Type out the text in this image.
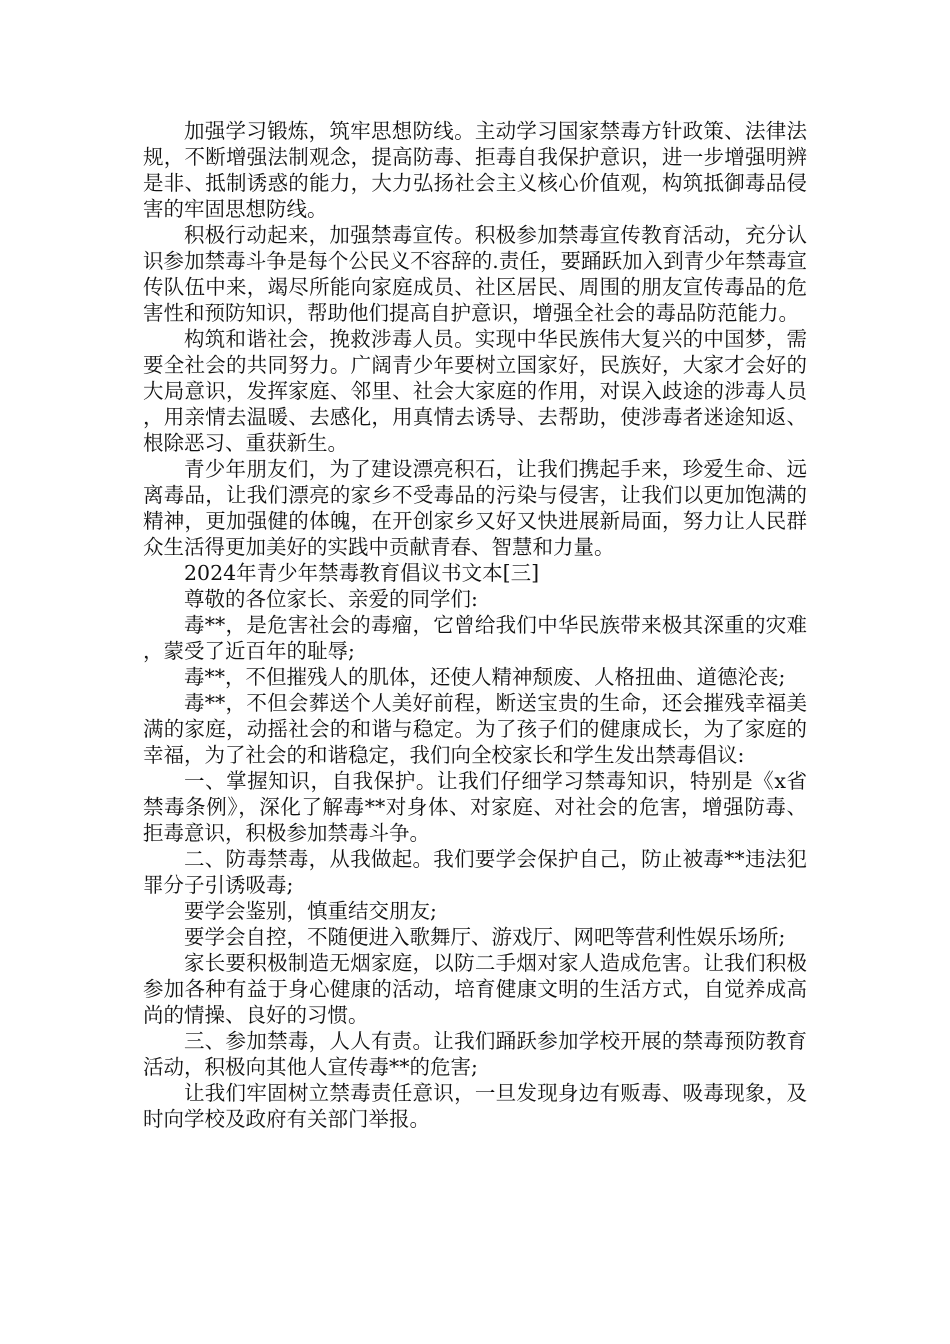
加强学习锻炼，筑牢思想防线。主动学习国家禁毒方针政策、法律法规，不断增强法制观念，提高防毒、拒毒自我保护意识，进一步增强明辨是非、抵制诱惑的能力，大力弘扬社会主义核心价值观，构筑抵御毒品侵害的牢固思想防线。

积极行动起来，加强禁毒宣传。积极参加禁毒宣传教育活动，充分认识参加禁毒斗争是每个公民义不容辞的.责任，要踊跃加入到青少年禁毒宣传队伍中来，竭尽所能向家庭成员、社区居民、周围的朋友宣传毒品的危害性和预防知识，帮助他们提高自护意识，增强全社会的毒品防范能力。

构筑和谐社会，挽救涉毒人员。实现中华民族伟大复兴的中国梦，需要全社会的共同努力。广阔青少年要树立国家好，民族好，大家才会好的大局意识，发挥家庭、邻里、社会大家庭的作用，对误入歧途的涉毒人员，用亲情去温暖、去感化，用真情去诱导、去帮助，使涉毒者迷途知返、根除恶习、重获新生。

青少年朋友们，为了建设漂亮积石，让我们携起手来，珍爱生命、远离毒品，让我们漂亮的家乡不受毒品的污染与侵害，让我们以更加饱满的精神，更加强健的体魄，在开创家乡又好又快进展新局面，努力让人民群众生活得更加美好的实践中贡献青春、智慧和力量。

2024年青少年禁毒教育倡议书文本[三]

尊敬的各位家长、亲爱的同学们:

毒**，是危害社会的毒瘤，它曾给我们中华民族带来极其深重的灾难，蒙受了近百年的耻辱;

毒**，不但摧残人的肌体，还使人精神颓废、人格扭曲、道德沦丧;

毒**，不但会葬送个人美好前程，断送宝贵的生命，还会摧残幸福美满的家庭，动摇社会的和谐与稳定。为了孩子们的健康成长，为了家庭的幸福，为了社会的和谐稳定，我们向全校家长和学生发出禁毒倡议:

一、掌握知识，自我保护。让我们仔细学习禁毒知识，特别是《x省禁毒条例》，深化了解毒**对身体、对家庭、对社会的危害，增强防毒、拒毒意识，积极参加禁毒斗争。

二、防毒禁毒，从我做起。我们要学会保护自己，防止被毒**违法犯罪分子引诱吸毒;

要学会鉴别，慎重结交朋友;

要学会自控，不随便进入歌舞厅、游戏厅、网吧等营利性娱乐场所;

家长要积极制造无烟家庭，以防二手烟对家人造成危害。让我们积极参加各种有益于身心健康的活动，培育健康文明的生活方式，自觉养成高尚的情操、良好的习惯。

三、参加禁毒，人人有责。让我们踊跃参加学校开展的禁毒预防教育活动，积极向其他人宣传毒**的危害;

让我们牢固树立禁毒责任意识，一旦发现身边有贩毒、吸毒现象，及时向学校及政府有关部门举报。
